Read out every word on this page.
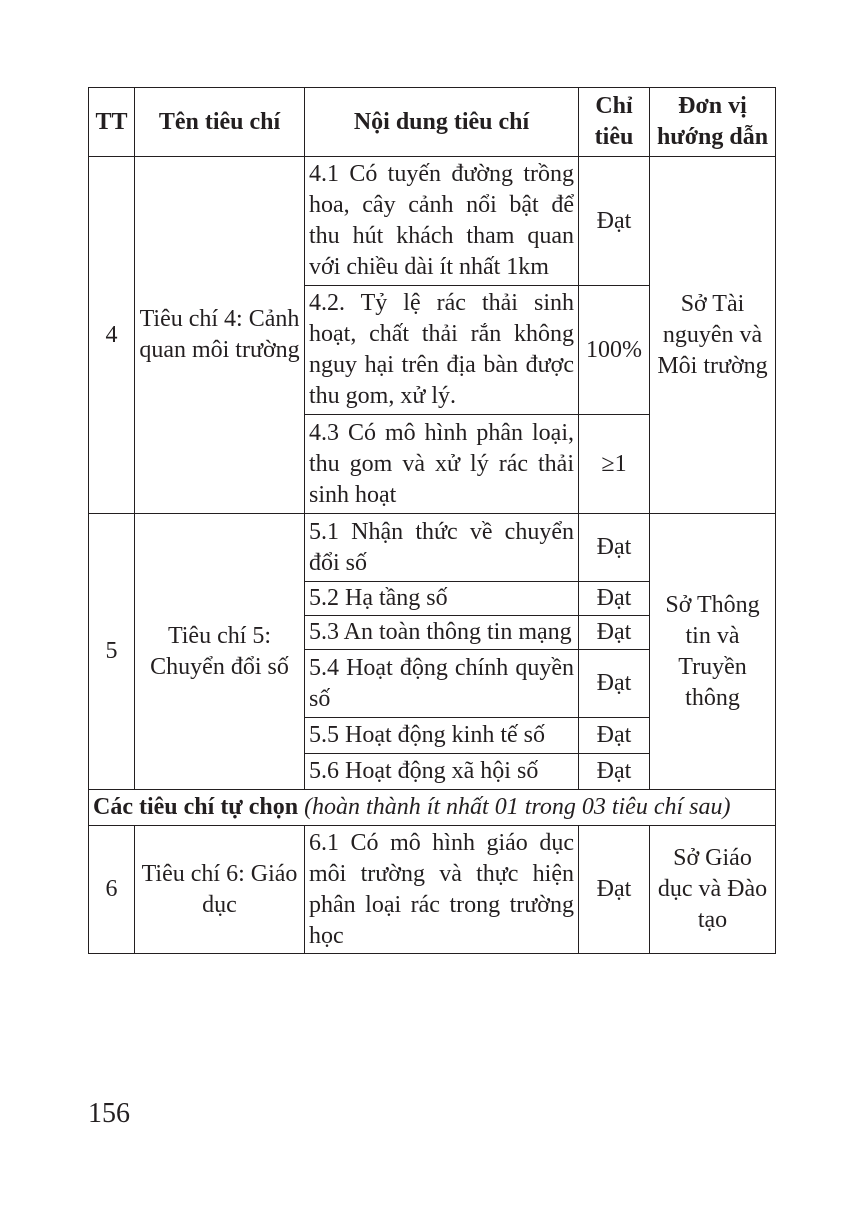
TT	Tên tiêu chí	Nội dung tiêu chí	Chỉ tiêu	Đơn vị hướng dẫn
4	Tiêu chí 4: Cảnh quan môi trường	4.1 Có tuyến đường trồng hoa, cây cảnh nổi bật để thu hút khách tham quan với chiều dài ít nhất 1km	Đạt	Sở Tài nguyên và Môi trường
		4.2. Tỷ lệ rác thải sinh hoạt, chất thải rắn không nguy hại trên địa bàn được thu gom, xử lý.	100%	
		4.3 Có mô hình phân loại, thu gom và xử lý rác thải sinh hoạt	≥1	
5	Tiêu chí 5: Chuyển đổi số	5.1 Nhận thức về chuyển đổi số	Đạt	Sở Thông tin và Truyền thông
		5.2 Hạ tầng số	Đạt	
		5.3 An toàn thông tin mạng	Đạt	
		5.4 Hoạt động chính quyền số	Đạt	
		5.5 Hoạt động kinh tế số	Đạt	
		5.6 Hoạt động xã hội số	Đạt	
Các tiêu chí tự chọn (hoàn thành ít nhất 01 trong 03 tiêu chí sau)				
6	Tiêu chí 6: Giáo dục	6.1 Có mô hình giáo dục môi trường và thực hiện phân loại rác trong trường học	Đạt	Sở Giáo dục và Đào tạo
156
